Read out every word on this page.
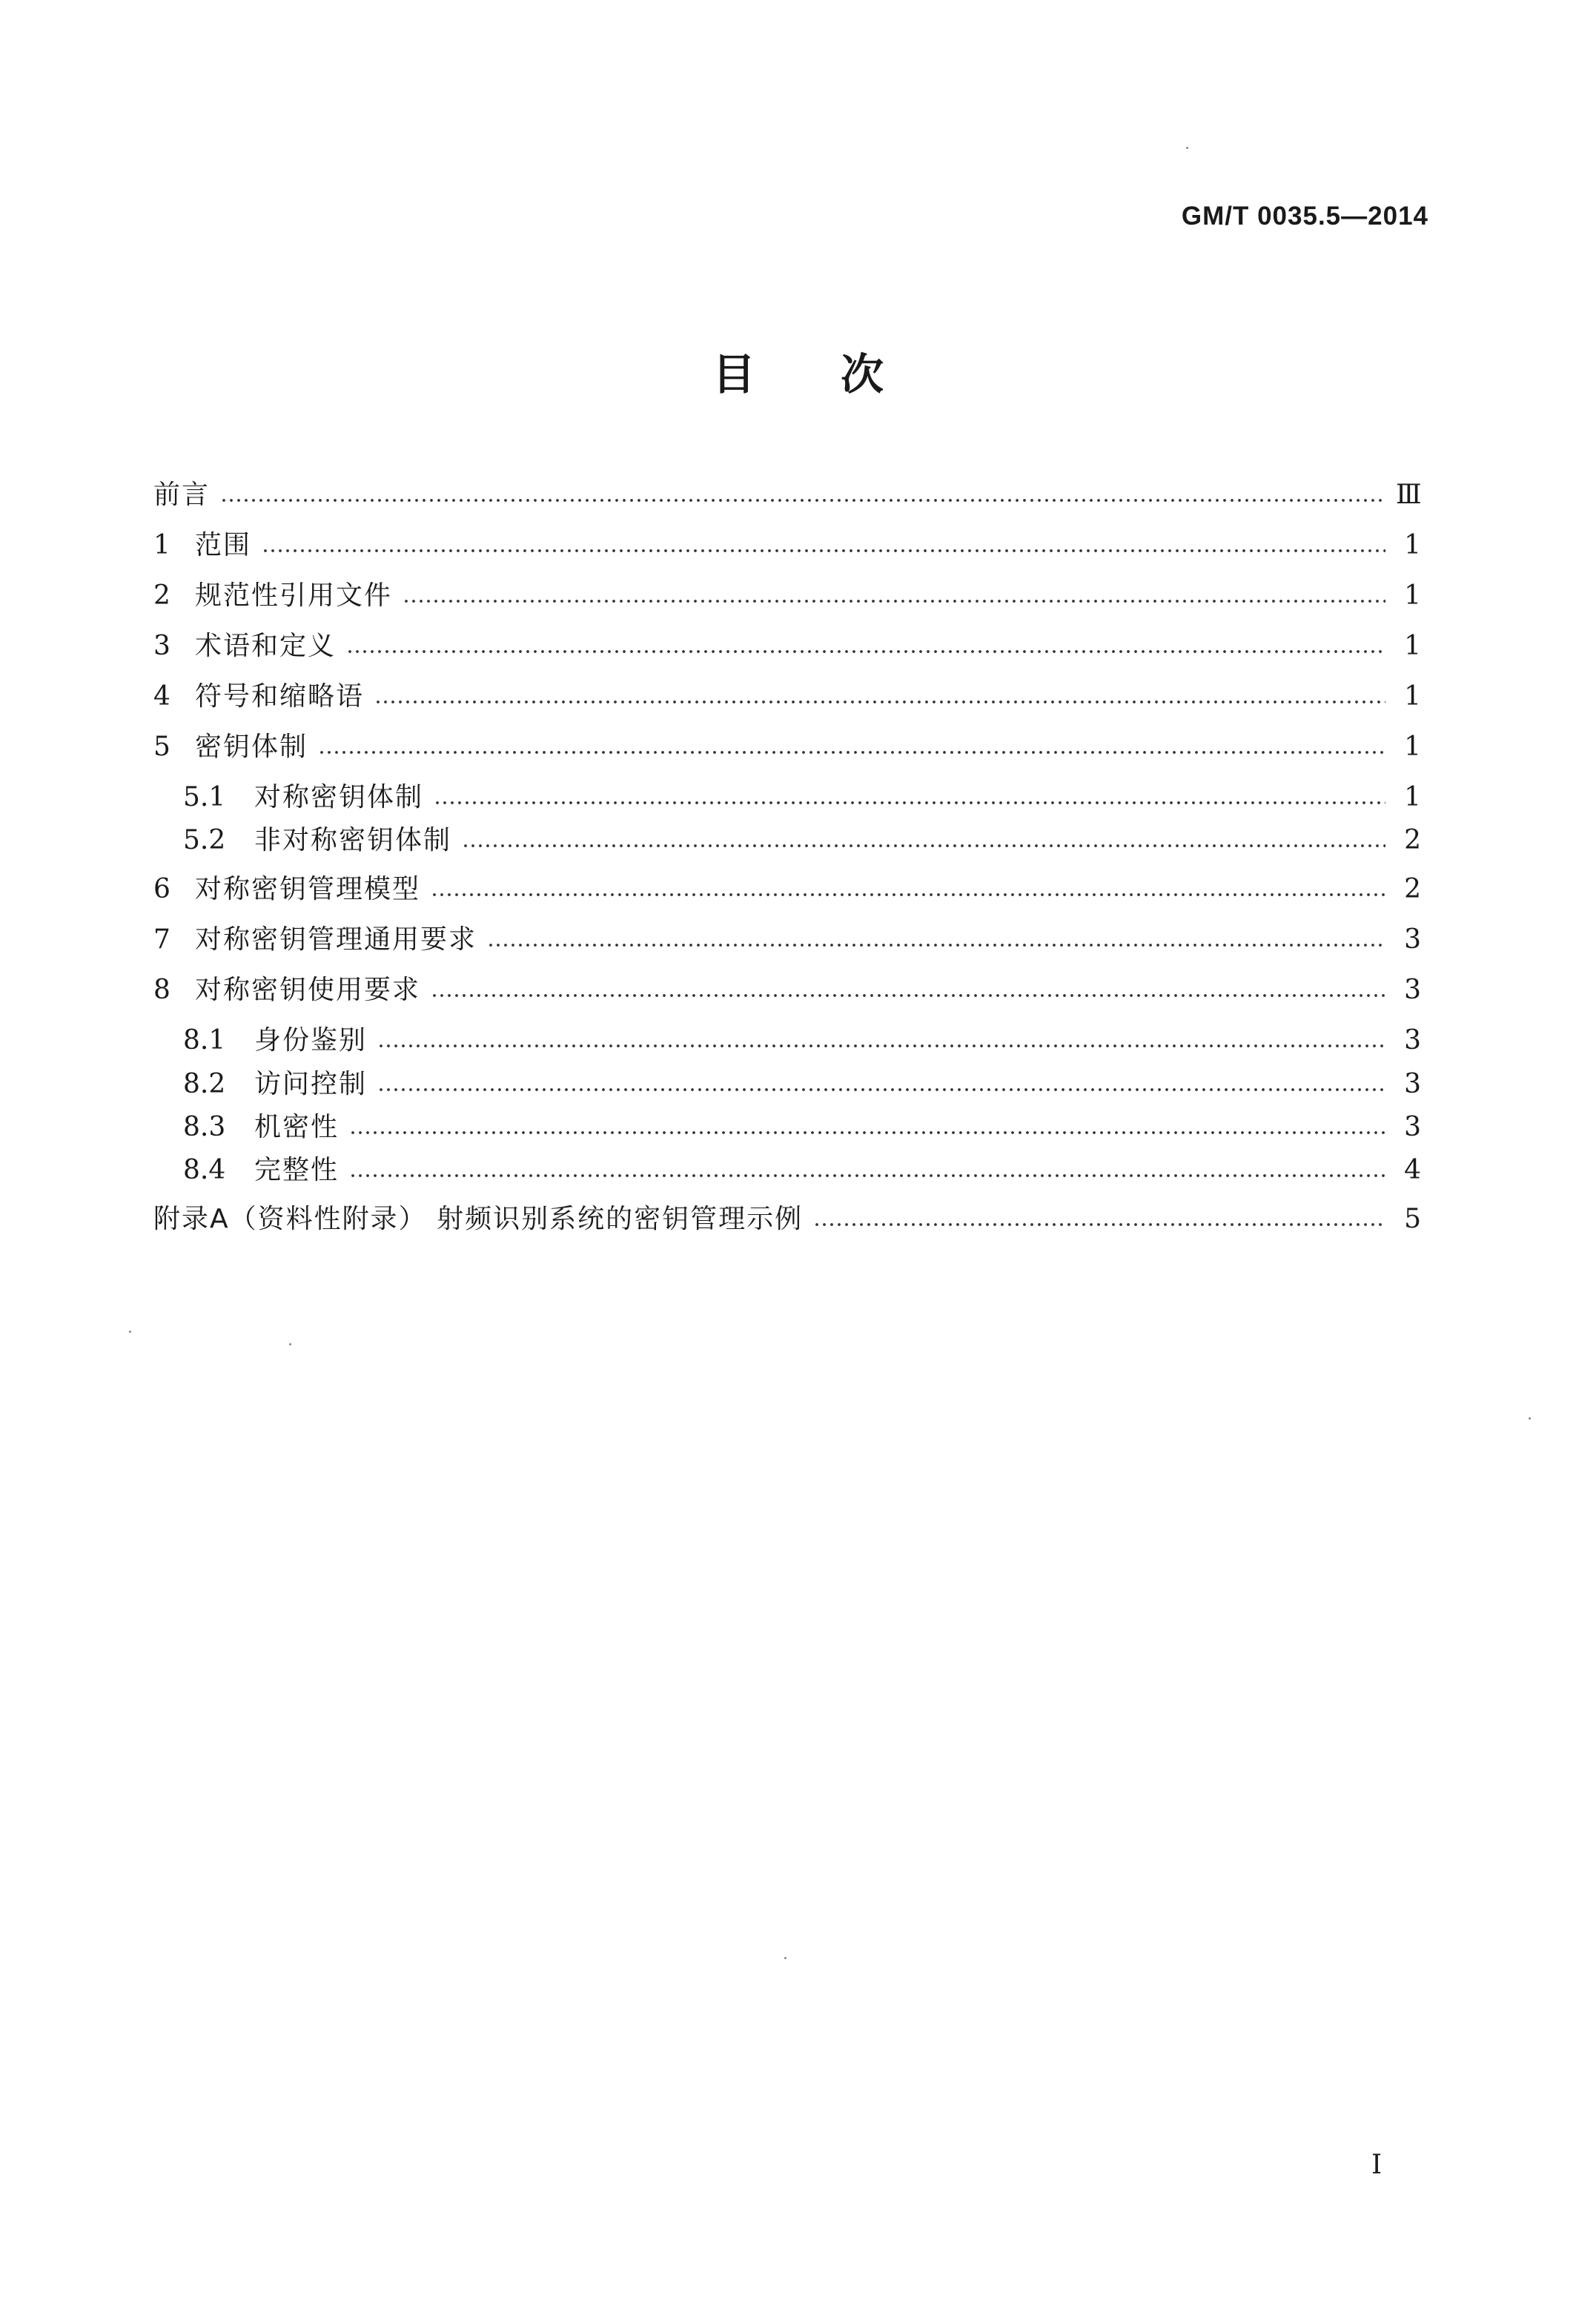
GM/T 0035.5—2014
目 次
前言	Ⅲ
1 范围	1
2 规范性引用文件	1
3 术语和定义	1
4 符号和缩略语	1
5 密钥体制	1
5.1	对称密钥体制	1
5.2	非对称密钥体制	2
6 对称密钥管理模型	2
7 对称密钥管理通用要求	3
8 对称密钥使用要求	3
8.1	身份鉴别	3
8.2	访问控制	3
8.3	机密性	3
8.4	完整性	4
附录A（资料性附录） 射频识别系统的密钥管理示例	5
I
